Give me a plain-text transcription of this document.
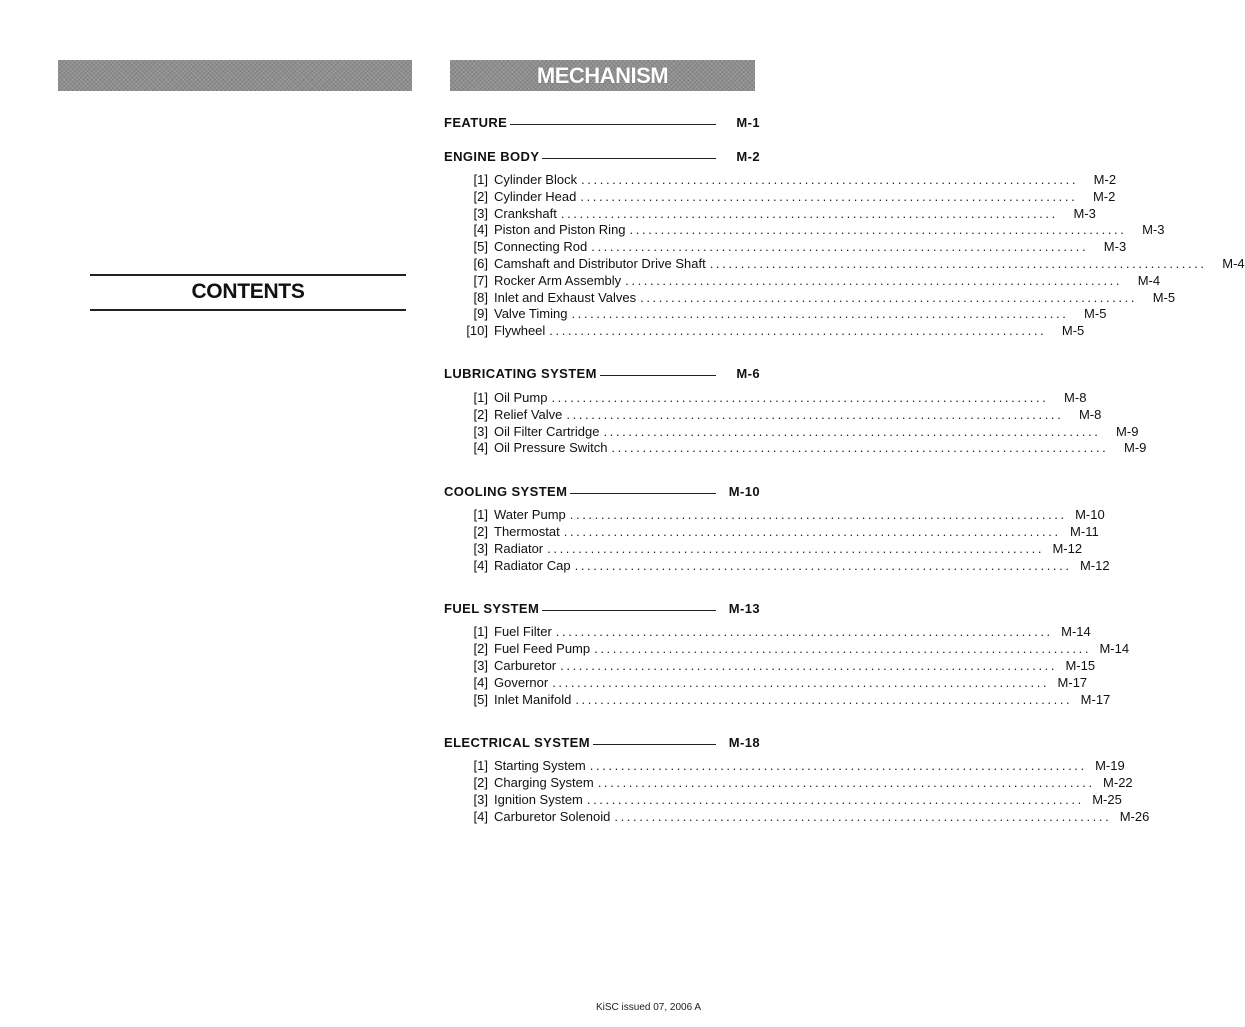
CONTENTS
MECHANISM
FEATURE	M-1
ENGINE BODY	M-2
[1] Cylinder Block ................................................................................	M-2
[2] Cylinder Head ................................................................................	M-2
[3] Crankshaft ................................................................................	M-3
[4] Piston and Piston Ring ................................................................................	M-3
[5] Connecting Rod ................................................................................	M-3
[6] Camshaft and Distributor Drive Shaft ................................................................................	M-4
[7] Rocker Arm Assembly ................................................................................	M-4
[8] Inlet and Exhaust Valves ................................................................................	M-5
[9] Valve Timing ................................................................................	M-5
[10] Flywheel ................................................................................	M-5
LUBRICATING SYSTEM	M-6
[1] Oil Pump ................................................................................	M-8
[2] Relief Valve ................................................................................	M-8
[3] Oil Filter Cartridge ................................................................................	M-9
[4] Oil Pressure Switch ................................................................................	M-9
COOLING SYSTEM	M-10
[1] Water Pump ................................................................................ M-10
[2] Thermostat ................................................................................ M-11
[3] Radiator ................................................................................ M-12
[4] Radiator Cap ................................................................................ M-12
FUEL SYSTEM	M-13
[1] Fuel Filter ................................................................................ M-14
[2] Fuel Feed Pump ................................................................................ M-14
[3] Carburetor ................................................................................ M-15
[4] Governor ................................................................................ M-17
[5] Inlet Manifold ................................................................................ M-17
ELECTRICAL SYSTEM	M-18
[1] Starting System ................................................................................ M-19
[2] Charging System ................................................................................ M-22
[3] Ignition System ................................................................................ M-25
[4] Carburetor Solenoid ................................................................................ M-26
KiSC issued 07, 2006 A
